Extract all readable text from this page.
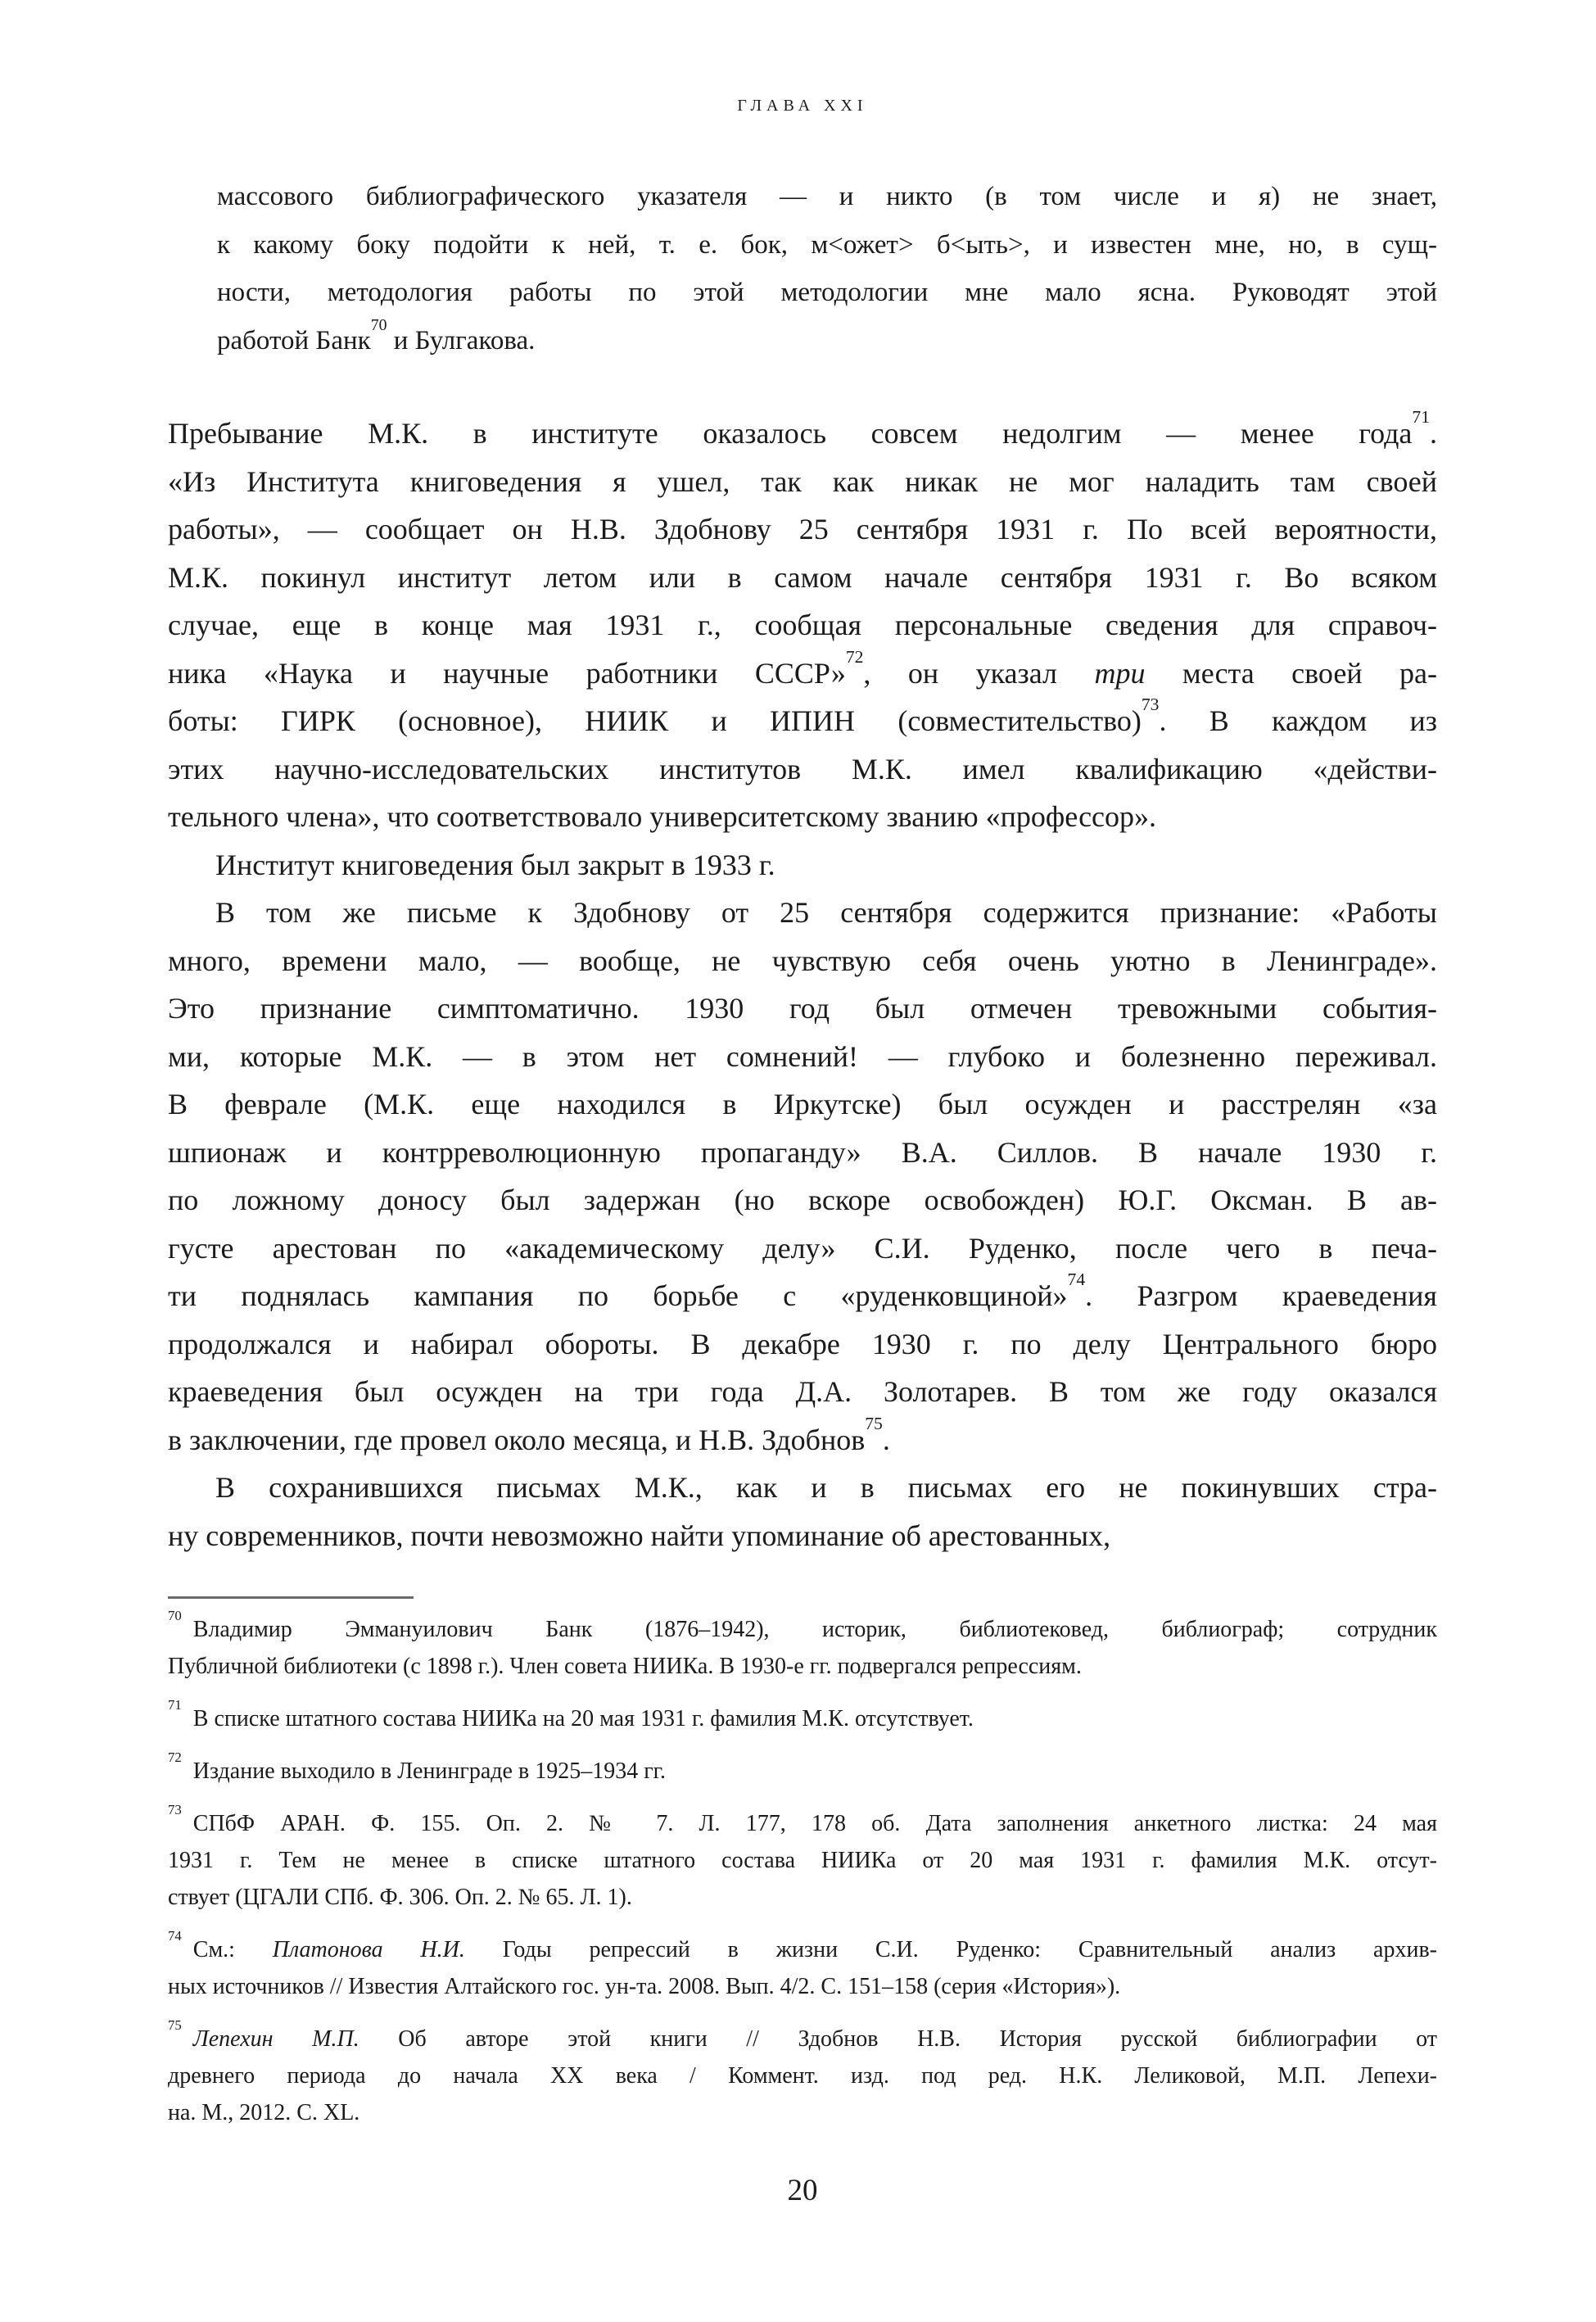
ГЛАВА XXI
массового библиографического указателя — и никто (в том числе и я) не знает,
к какому боку подойти к ней, т. е. бок, м<ожет> б<ыть>, и известен мне, но, в сущ-
ности, методология работы по этой методологии мне мало ясна. Руководят этой
работой Банк$^{70}$ и Булгакова.
Пребывание М.К. в институте оказалось совсем недолгим — менее года$^{71}$.
«Из Института книговедения я ушел, так как никак не мог наладить там своей
работы», — сообщает он Н.В. Здобнову 25 сентября 1931 г. По всей вероятности,
М.К. покинул институт летом или в самом начале сентября 1931 г. Во всяком
случае, еще в конце мая 1931 г., сообщая персональные сведения для справоч-
ника «Наука и научные работники СССР»$^{72}$, он указал три места своей ра-
боты: ГИРК (основное), НИИК и ИПИН (совместительство)$^{73}$. В каждом из
этих научно-исследовательских институтов М.К. имел квалификацию «действи-
тельного члена», что соответствовало университетскому званию «профессор».
Институт книговедения был закрыт в 1933 г.
В том же письме к Здобнову от 25 сентября содержится признание: «Работы
много, времени мало, — вообще, не чувствую себя очень уютно в Ленинграде».
Это признание симптоматично. 1930 год был отмечен тревожными события-
ми, которые М.К. — в этом нет сомнений! — глубоко и болезненно переживал.
В феврале (М.К. еще находился в Иркутске) был осужден и расстрелян «за
шпионаж и контрреволюционную пропаганду» В.А. Силлов. В начале 1930 г.
по ложному доносу был задержан (но вскоре освобожден) Ю.Г. Оксман. В ав-
густе арестован по «академическому делу» С.И. Руденко, после чего в печа-
ти поднялась кампания по борьбе с «руденковщиной»$^{74}$. Разгром краеведения
продолжался и набирал обороты. В декабре 1930 г. по делу Центрального бюро
краеведения был осужден на три года Д.А. Золотарев. В том же году оказался
в заключении, где провел около месяца, и Н.В. Здобнов$^{75}$.
В сохранившихся письмах М.К., как и в письмах его не покинувших стра-
ну современников, почти невозможно найти упоминание об арестованных,
$^{70}$ Владимир Эммануилович Банк (1876–1942), историк, библиотековед, библиограф; сотрудник
Публичной библиотеки (с 1898 г.). Член совета НИИКа. В 1930-е гг. подвергался репрессиям.
$^{71}$ В списке штатного состава НИИКа на 20 мая 1931 г. фамилия М.К. отсутствует.
$^{72}$ Издание выходило в Ленинграде в 1925–1934 гг.
$^{73}$ СПбФ АРАН. Ф. 155. Оп. 2. № 7. Л. 177, 178 об. Дата заполнения анкетного листка: 24 мая
1931 г. Тем не менее в списке штатного состава НИИКа от 20 мая 1931 г. фамилия М.К. отсут-
ствует (ЦГАЛИ СПб. Ф. 306. Оп. 2. № 65. Л. 1).
$^{74}$ См.: Платонова Н.И. Годы репрессий в жизни С.И. Руденко: Сравнительный анализ архив-
ных источников // Известия Алтайского гос. ун-та. 2008. Вып. 4/2. С. 151–158 (серия «История»).
$^{75}$ Лепехин М.П. Об авторе этой книги // Здобнов Н.В. История русской библиографии от
древнего периода до начала XX века / Коммент. изд. под ред. Н.К. Леликовой, М.П. Лепехи-
на. М., 2012. С. XL.
20
